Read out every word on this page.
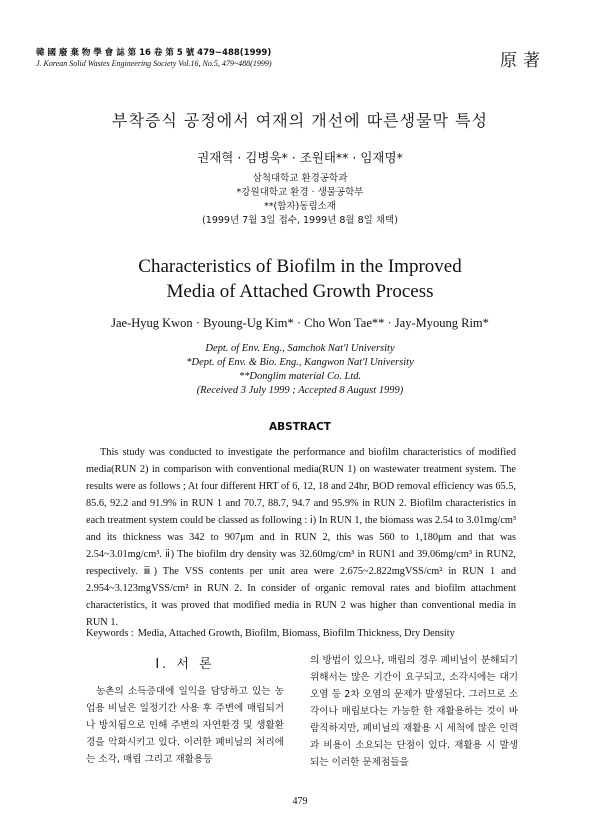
韓 國 廢 棄 物 學 會 誌 第 16 卷 第 5 號 479~488(1999)
J. Korean Solid Wastes Engineering Society Vol.16, No.5, 479~488(1999)	原著
부착증식 공정에서 여재의 개선에 따른생물막 특성
권재혁 · 김병욱* · 조원태** · 임재명*
삼척대학교 환경공학과
*강원대학교 환경 · 생물공학부
**(합자)동림소재
(1999년 7월 3일 접수, 1999년 8월 8일 채택)
Characteristics of Biofilm in the Improved
Media of Attached Growth Process
Jae-Hyug Kwon · Byoung-Ug Kim* · Cho Won Tae** · Jay-Myoung Rim*
Dept. of Env. Eng., Samchok Nat'l University
*Dept. of Env. & Bio. Eng., Kangwon Nat'l University
**Donglim material Co. Ltd.
(Received 3 July 1999 ; Accepted 8 August 1999)
ABSTRACT

This study was conducted to investigate the performance and biofilm characteristics of modified media(RUN 2) in comparison with conventional media(RUN 1) on wastewater treatment system. The results were as follows ; At four different HRT of 6, 12, 18 and 24hr, BOD removal efficiency was 65.5, 85.6, 92.2 and 91.9% in RUN 1 and 70.7, 88.7, 94.7 and 95.9% in RUN 2. Biofilm characteristics in each treatment system could be classed as following : ⅰ) In RUN 1, the biomass was 2.54 to 3.01mg/cm³ and its thickness was 342 to 907μm and in RUN 2, this was 560 to 1,180μm and that was 2.54~3.01mg/cm³. ⅱ) The biofilm dry density was 32.60mg/cm³ in RUN1 and 39.06mg/cm³ in RUN2, respectively. ⅲ) The VSS contents per unit area were 2.675~2.822mgVSS/cm² in RUN 1 and 2.954~3.123mgVSS/cm² in RUN 2. In consider of organic removal rates and biofilm attachment characteristics, it was proved that modified media in RUN 2 was higher than conventional media in RUN 1.

Keywords : Media, Attached Growth, Biofilm, Biomass, Biofilm Thickness, Dry Density
Ⅰ. 서 론

농촌의 소득증대에 일익을 담당하고 있는 농업용 비닐은 일정기간 사용 후 주변에 매립되거나 방치됨으로 인해 주변의 자연환경 및 생활환경을 악화시키고 있다. 이러한 폐비닐의 처리에는 소각, 매립 그리고 재활용등

의 방법이 있으나, 매립의 경우 폐비닐이 분해되기 위해서는 많은 기간이 요구되고, 소각시에는 대기오염 등 2차 오염의 문제가 발생된다. 그러므로 소각이나 매립보다는 가능한 한 재활용하는 것이 바람직하지만, 폐비닐의 재활용 시 세척에 많은 인력과 비용이 소요되는 단점이 있다. 재활용 시 발생되는 이러한 문제점들을

479
